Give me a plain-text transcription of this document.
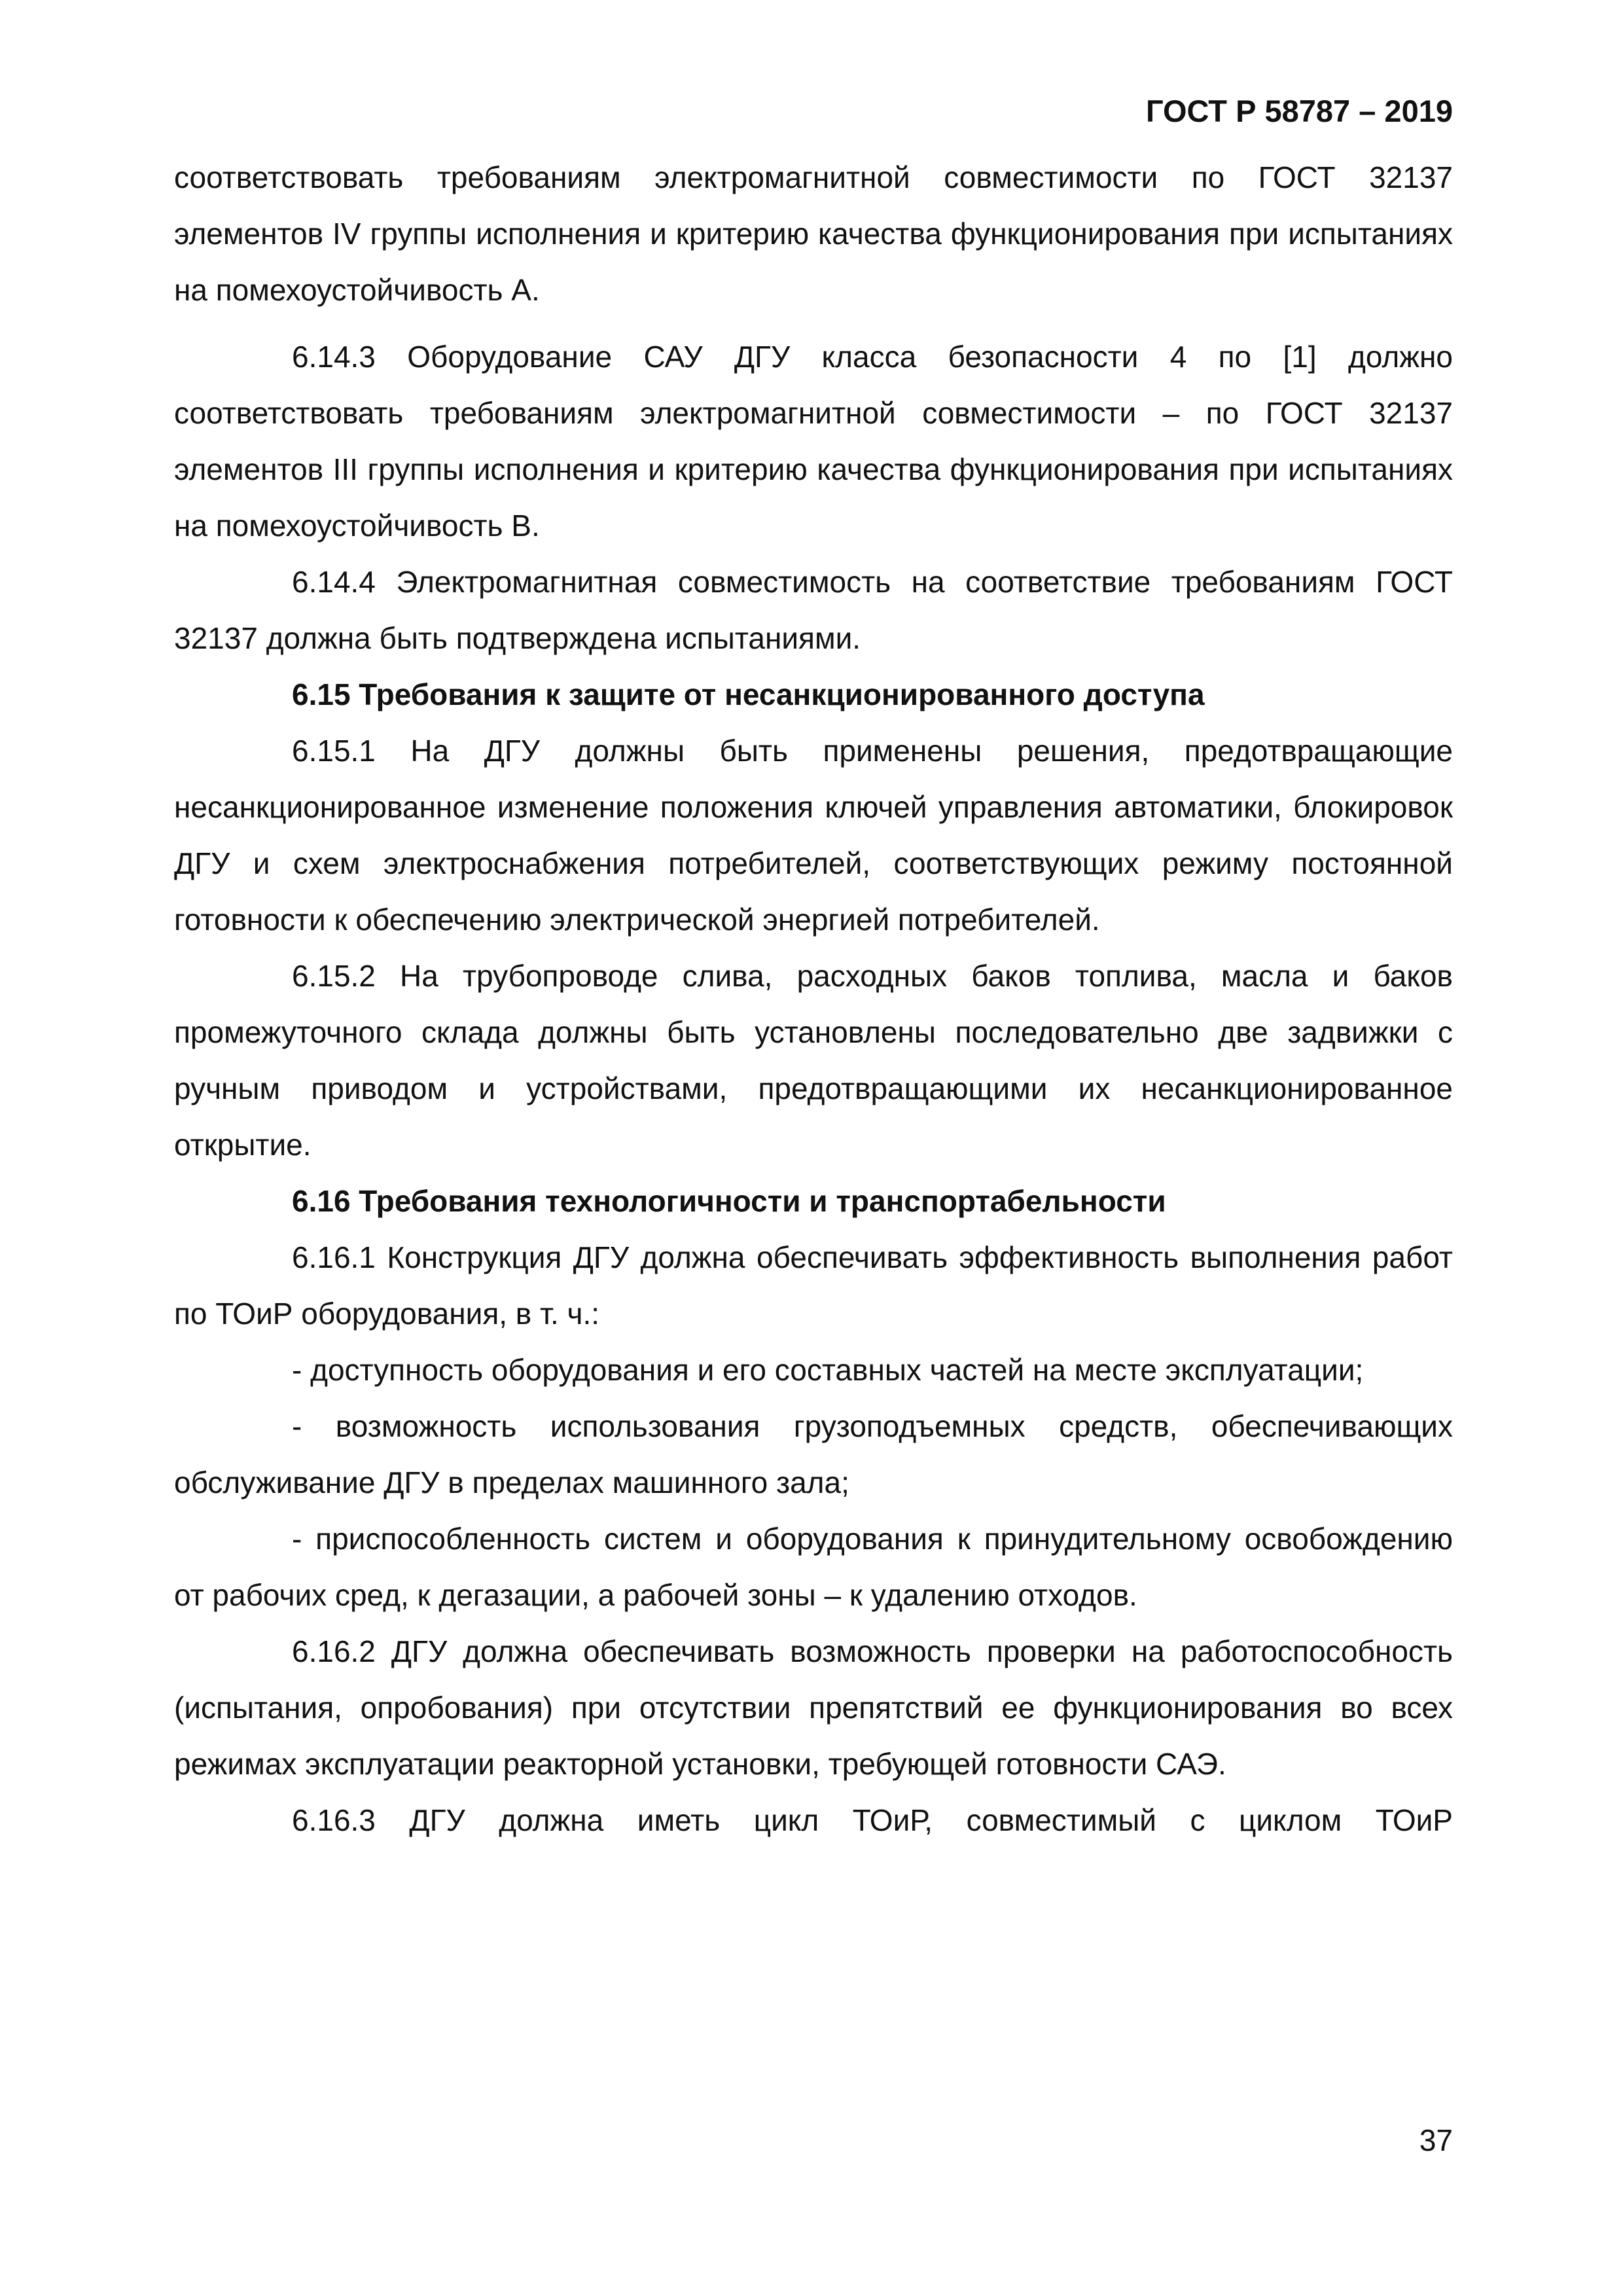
ГОСТ Р 58787 – 2019

соответствовать требованиям электромагнитной совместимости по ГОСТ 32137 элементов IV группы исполнения и критерию качества функционирования при испытаниях на помехоустойчивость А.

6.14.3 Оборудование САУ ДГУ класса безопасности 4 по [1] должно соответствовать требованиям электромагнитной совместимости – по ГОСТ 32137 элементов III группы исполнения и критерию качества функционирования при испытаниях на помехоустойчивость В.

6.14.4 Электромагнитная совместимость на соответствие требованиям ГОСТ 32137 должна быть подтверждена испытаниями.

6.15 Требования к защите от несанкционированного доступа

6.15.1 На ДГУ должны быть применены решения, предотвращающие несанкционированное изменение положения ключей управления автоматики, блокировок ДГУ и схем электроснабжения потребителей, соответствующих режиму постоянной готовности к обеспечению электрической энергией потребителей.

6.15.2 На трубопроводе слива, расходных баков топлива, масла и баков промежуточного склада должны быть установлены последовательно две задвижки с ручным приводом и устройствами, предотвращающими их несанкционированное открытие.

6.16 Требования технологичности и транспортабельности

6.16.1 Конструкция ДГУ должна обеспечивать эффективность выполнения работ по ТОиР оборудования, в т. ч.:

- доступность оборудования и его составных частей на месте эксплуатации;

- возможность использования грузоподъемных средств, обеспечивающих обслуживание ДГУ в пределах машинного зала;

- приспособленность систем и оборудования к принудительному освобождению от рабочих сред, к дегазации, а рабочей зоны – к удалению отходов.

6.16.2 ДГУ должна обеспечивать возможность проверки на работоспособность (испытания, опробования) при отсутствии препятствий ее функционирования во всех режимах эксплуатации реакторной установки, требующей готовности САЭ.

6.16.3 ДГУ должна иметь цикл ТОиР, совместимый с циклом ТОиР

37
